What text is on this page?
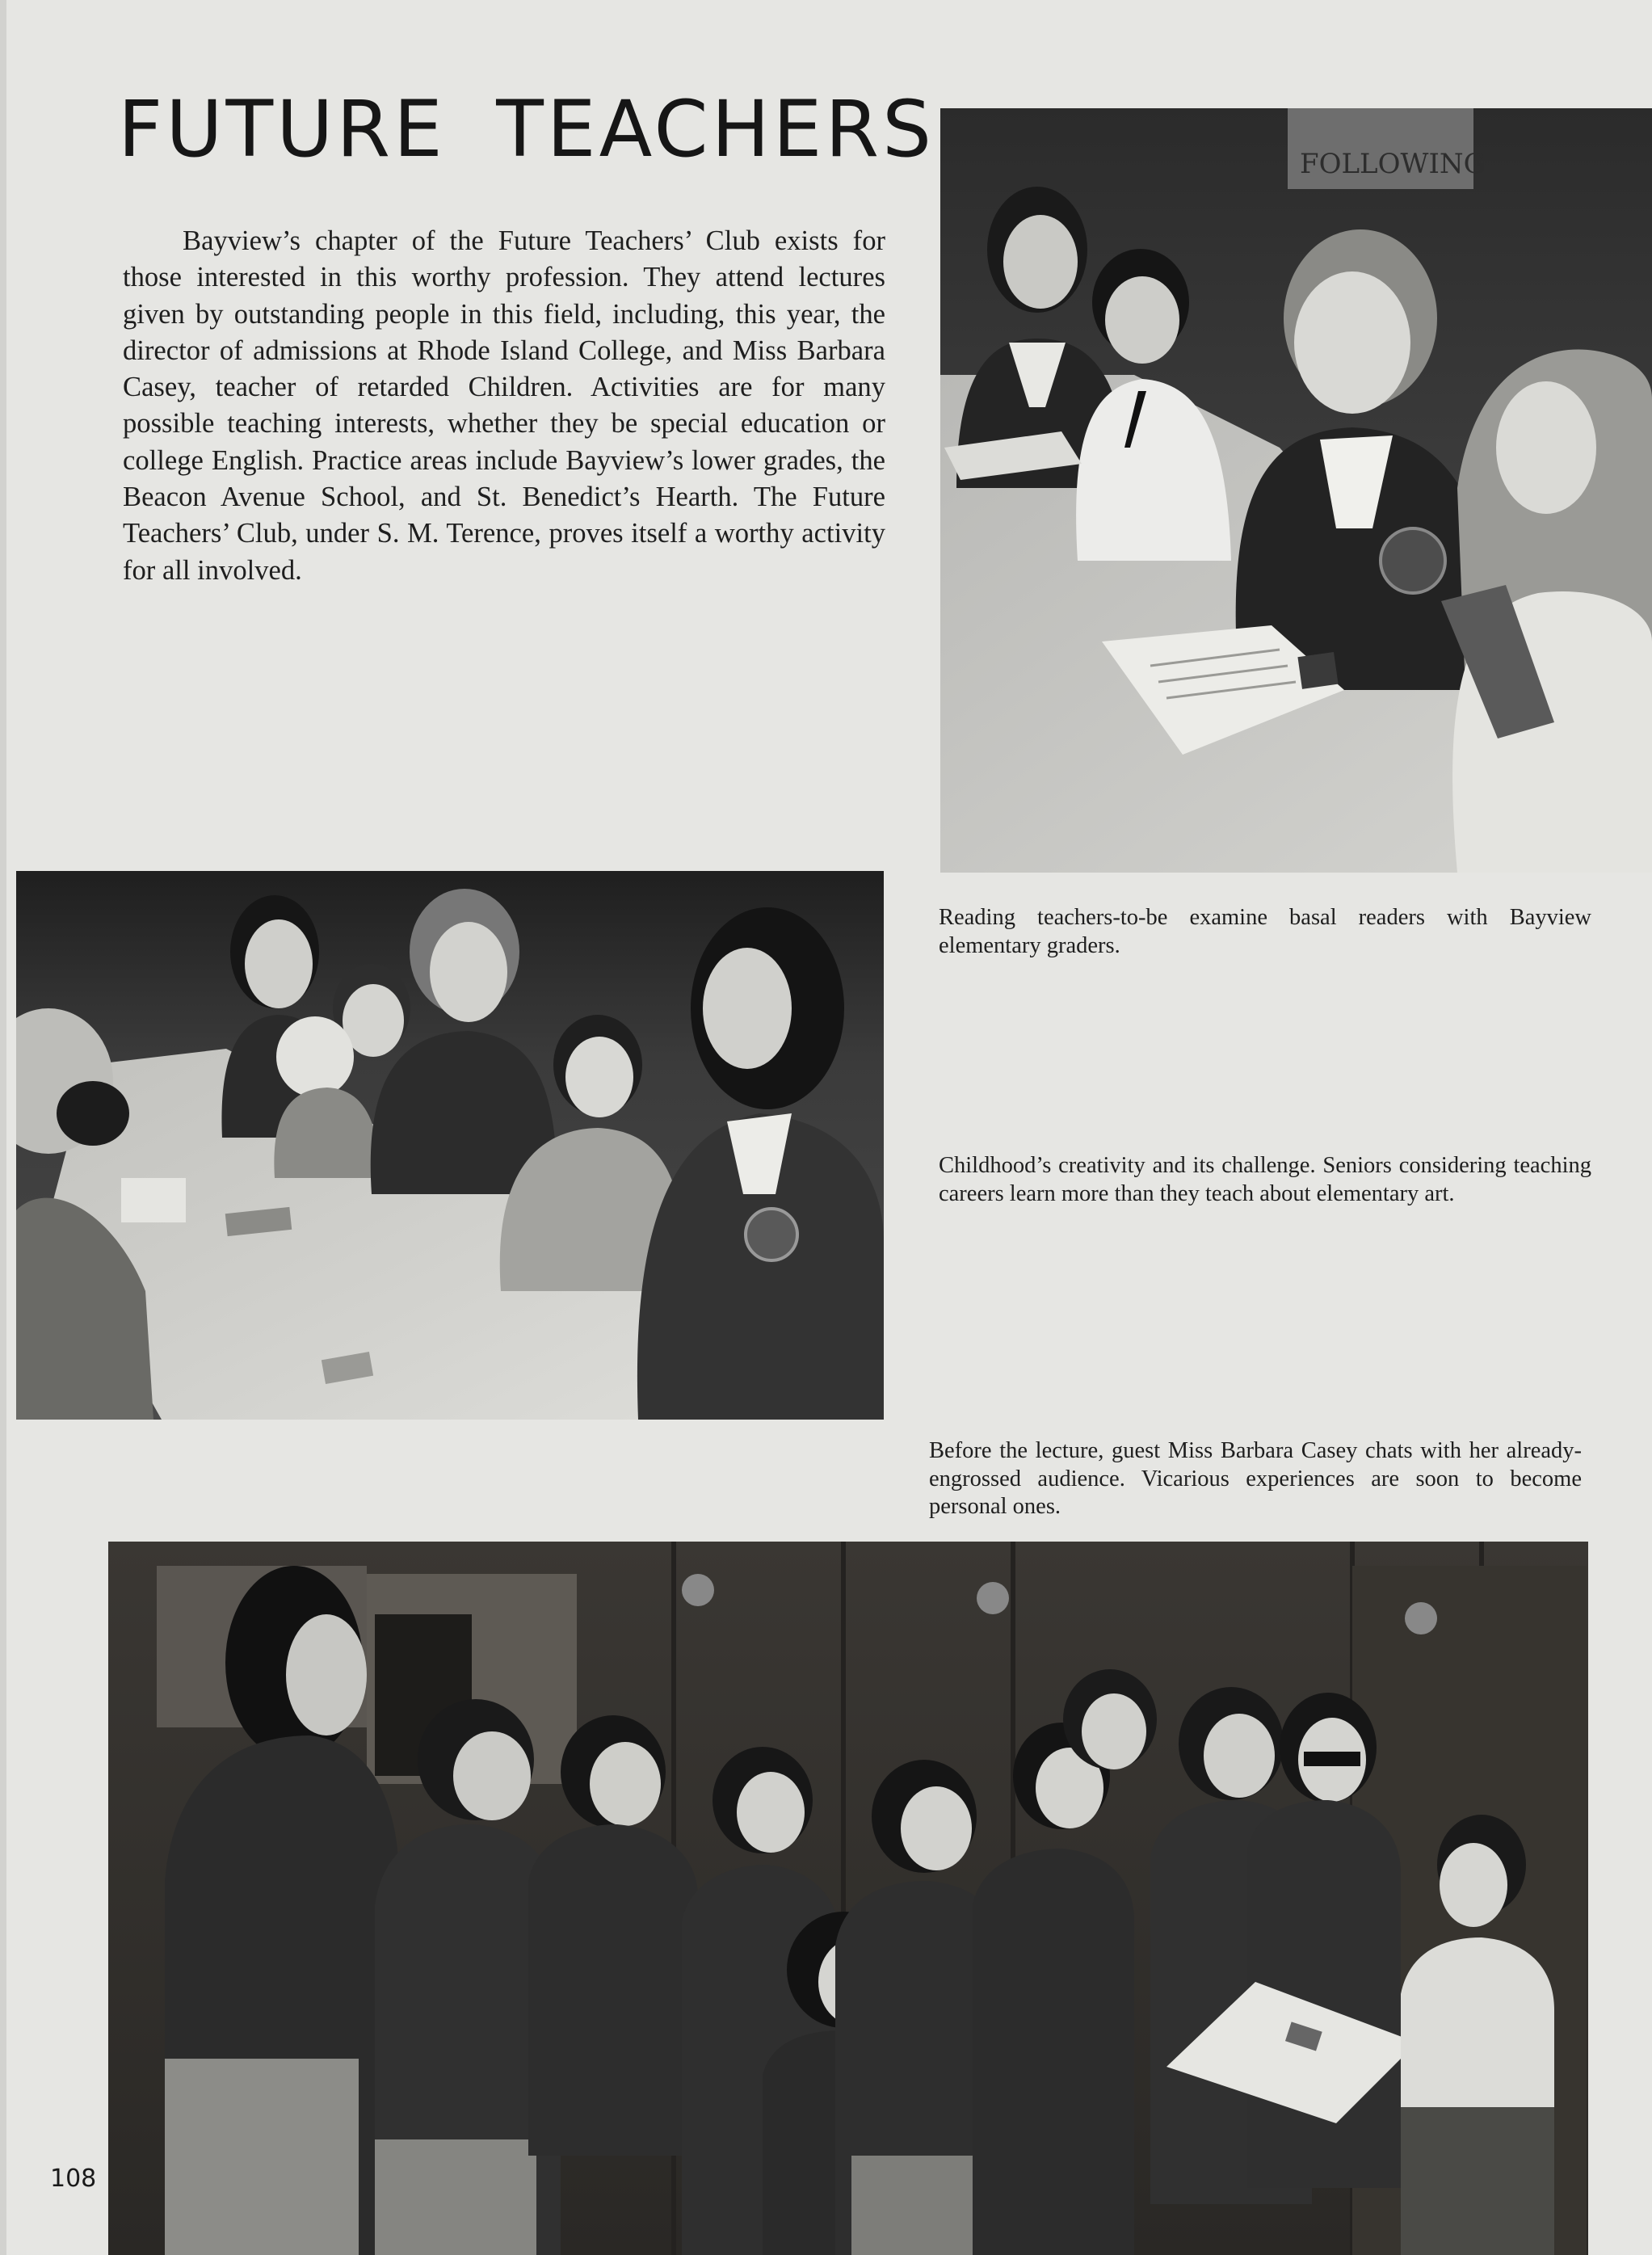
FUTURE TEACHERS

Bayview’s chapter of the Future Teachers’ Club exists for those interested in this worthy profession. They attend lectures given by outstanding people in this field, including, this year, the director of admissions at Rhode Island College, and Miss Barbara Casey, teacher of retarded Children. Activities are for many possible teaching interests, whether they be special education or college English. Practice areas include Bayview’s lower grades, the Beacon Avenue School, and St. Benedict’s Hearth. The Future Teachers’ Club, under S. M. Terence, proves itself a worthy activity for all involved.

FOLLOWING

Reading teachers-to-be examine basal readers with Bayview elementary graders.

Childhood’s creativity and its challenge. Seniors considering teaching careers learn more than they teach about elementary art.

Before the lecture, guest Miss Barbara Casey chats with her already-engrossed audience. Vicarious experiences are soon to become personal ones.

108
